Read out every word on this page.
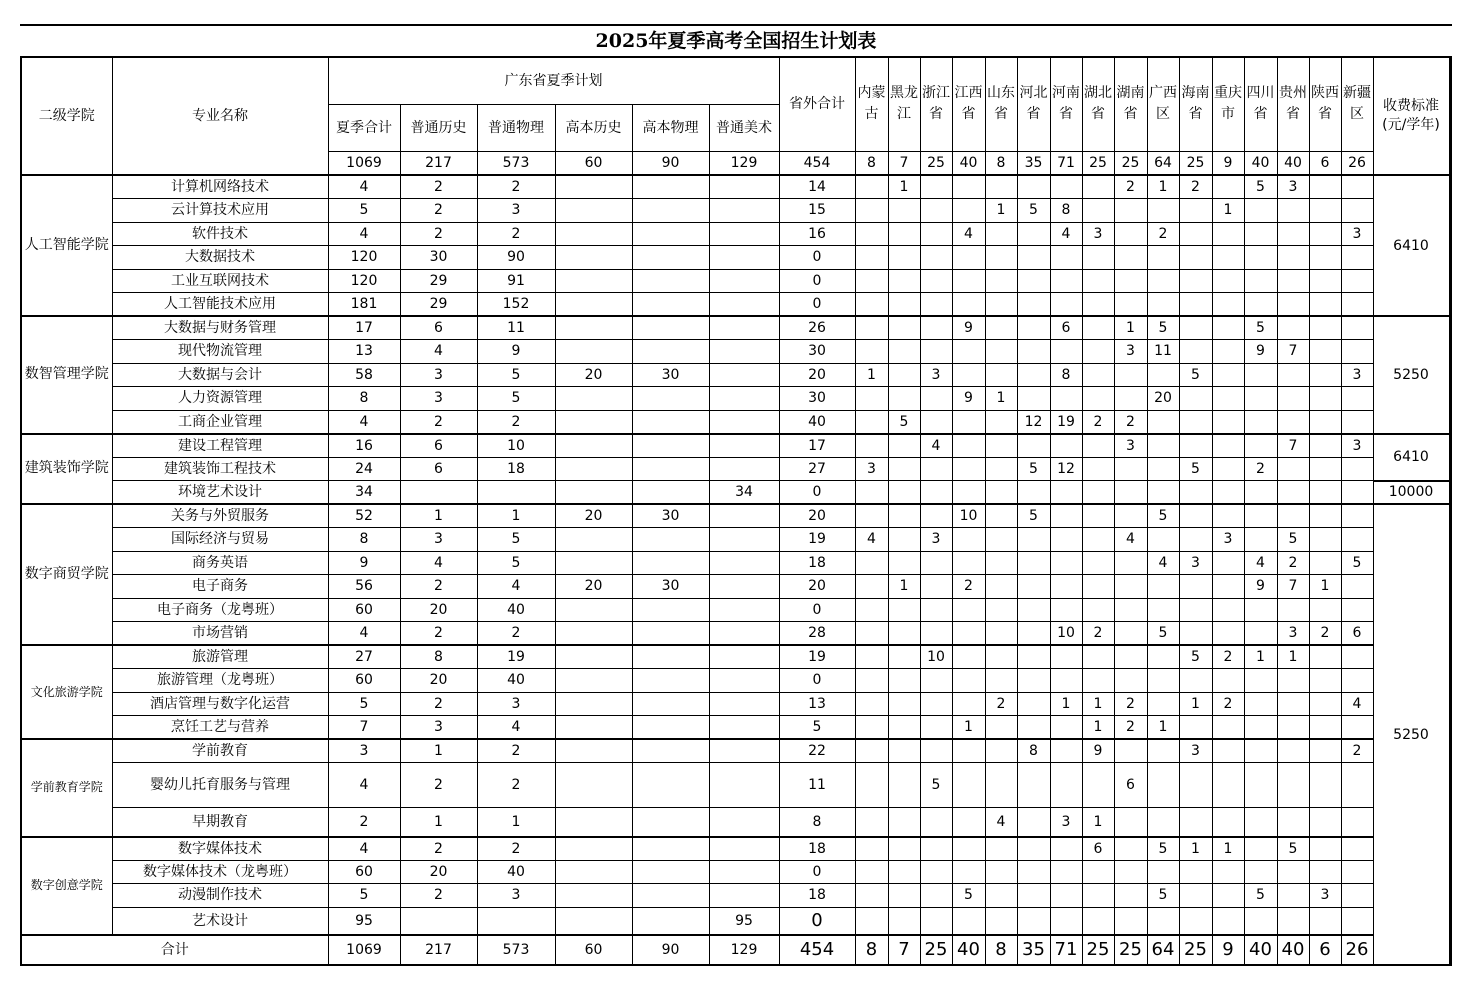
2025年夏季高考全国招生计划表
二级学院	专业名称	广东省夏季计划						省外合计	内蒙古	黑龙江	浙江省	江西省	山东省	河北省	河南省	湖北省	湖南省	广西区	海南省	重庆市	四川省	贵州省	陕西省	新疆区	收费标准(元/学年)	
		夏季合计	普通历史	普通物理	高本历史	高本物理	普通美术																			
		1069	217	573	60	90	129	454	8	7	25	40	8	35	71	25	25	64	25	9	40	40	6	26		
人工智能学院	计算机网络技术	4	2	2				14		1							2	1	2		5	3			6410	
	云计算技术应用	5	2	3				15					1	5	8					1						
	软件技术	4	2	2				16				4			4	3		2						3		
	大数据技术	120	30	90				0																		
	工业互联网技术	120	29	91				0																		
	人工智能技术应用	181	29	152				0																		
数智管理学院	大数据与财务管理	17	6	11				26				9			6		1	5			5				5250	
	现代物流管理	13	4	9				30									3	11			9	7				
	大数据与会计	58	3	5	20	30		20	1		3				8				5					3		
	人力资源管理	8	3	5				30				9	1					20								
	工商企业管理	4	2	2				40		5				12	19	2	2									
建筑装饰学院	建设工程管理	16	6	10				17			4						3					7		3	6410	
	建筑装饰工程技术	24	6	18				27	3					5	12				5		2					
	环境艺术设计	34					34	0																	10000	
数字商贸学院	关务与外贸服务	52	1	1	20	30		20				10		5				5							5250	
	国际经济与贸易	8	3	5				19	4		3						4			3		5				
	商务英语	9	4	5				18										4	3		4	2		5		
	电子商务	56	2	4	20	30		20		1		2									9	7	1			
	电子商务（龙粤班）	60	20	40				0																		
	市场营销	4	2	2				28							10	2		5				3	2	6		
文化旅游学院	旅游管理	27	8	19				19			10								5	2	1	1				
	旅游管理（龙粤班）	60	20	40				0																		
	酒店管理与数字化运营	5	2	3				13					2		1	1	2		1	2				4		
	烹饪工艺与营养	7	3	4				5				1				1	2	1								
学前教育学院	学前教育	3	1	2				22						8		9			3					2		
	婴幼儿托育服务与管理	4	2	2				11			5						6									
	早期教育	2	1	1				8					4		3	1										
数字创意学院	数字媒体技术	4	2	2				18								6		5	1	1		5				
	数字媒体技术（龙粤班）	60	20	40				0																		
	动漫制作技术	5	2	3				18				5						5			5		3			
	艺术设计	95					95	0																		
合计		1069	217	573	60	90	129	454	8	7	25	40	8	35	71	25	25	64	25	9	40	40	6	26		
